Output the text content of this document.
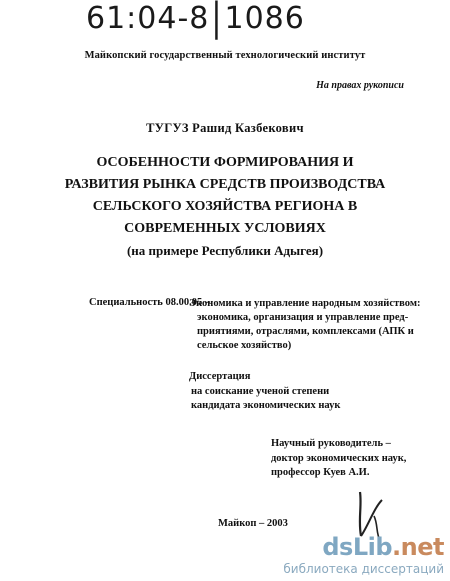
61:04-8|1086
Майкопский государственный технологический институт
На правах рукописи
ТУГУЗ Рашид Казбекович
ОСОБЕННОСТИ ФОРМИРОВАНИЯ И
РАЗВИТИЯ РЫНКА СРЕДСТВ ПРОИЗВОДСТВА
СЕЛЬСКОГО ХОЗЯЙСТВА РЕГИОНА В
СОВРЕМЕННЫХ УСЛОВИЯХ
(на примере Республики Адыгея)
Специальность 08.00.05 –
Экономика и управление народным хозяйством:
экономика, организация и управление пред-
приятиями, отраслями, комплексами (АПК и
сельское хозяйство)
Диссертация
на соискание ученой степени
кандидата экономических наук
Научный руководитель –
доктор экономических наук,
профессор Куев А.И.
Майкоп – 2003
dsLib.net
библиотека диссертаций
